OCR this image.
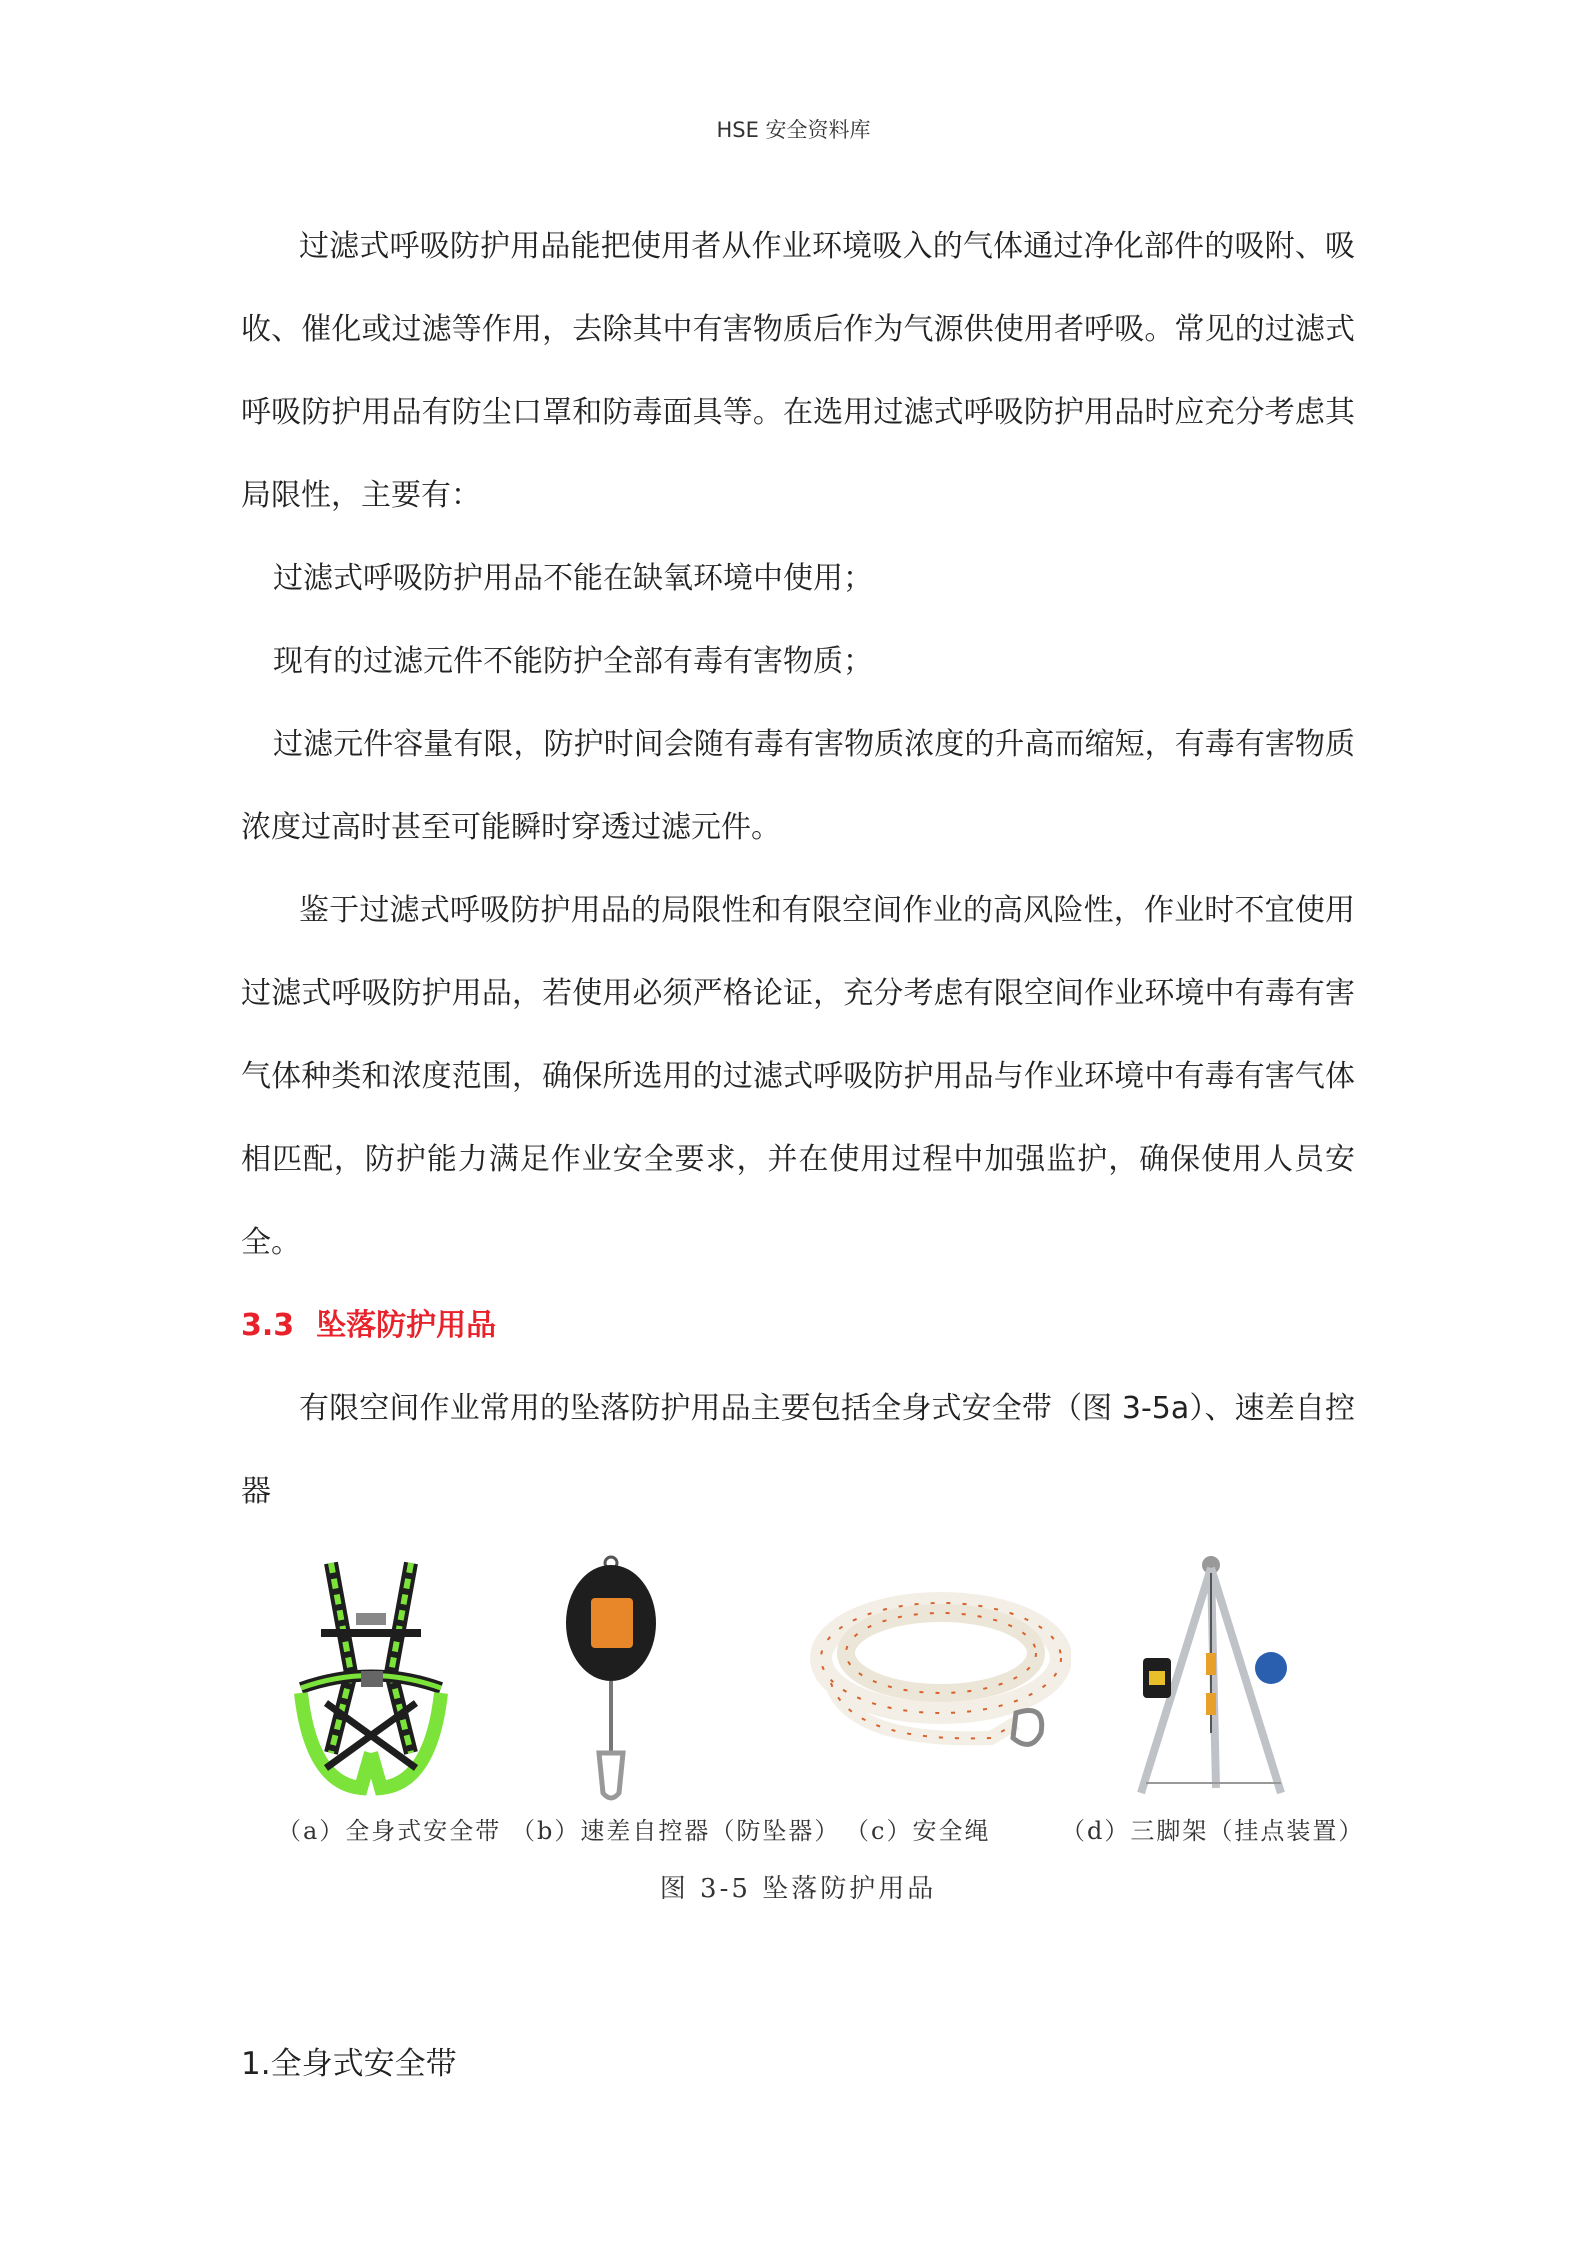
HSE 安全资料库

过滤式呼吸防护用品能把使用者从作业环境吸入的气体通过净化部件的吸附、吸收、催化或过滤等作用，去除其中有害物质后作为气源供使用者呼吸。常见的过滤式呼吸防护用品有防尘口罩和防毒面具等。在选用过滤式呼吸防护用品时应充分考虑其局限性，主要有：

过滤式呼吸防护用品不能在缺氧环境中使用；

现有的过滤元件不能防护全部有毒有害物质；

过滤元件容量有限，防护时间会随有毒有害物质浓度的升高而缩短，有毒有害物质浓度过高时甚至可能瞬时穿透过滤元件。

鉴于过滤式呼吸防护用品的局限性和有限空间作业的高风险性，作业时不宜使用过滤式呼吸防护用品，若使用必须严格论证，充分考虑有限空间作业环境中有毒有害气体种类和浓度范围，确保所选用的过滤式呼吸防护用品与作业环境中有毒有害气体相匹配，防护能力满足作业安全要求，并在使用过程中加强监护，确保使用人员安全。

3.3 坠落防护用品

有限空间作业常用的坠落防护用品主要包括全身式安全带（图 3-5a）、速差自控器

（a）全身式安全带 （b）速差自控器（防坠器） （c）安全绳	（d）三脚架（挂点装置）
图 3-5 坠落防护用品

1.全身式安全带
